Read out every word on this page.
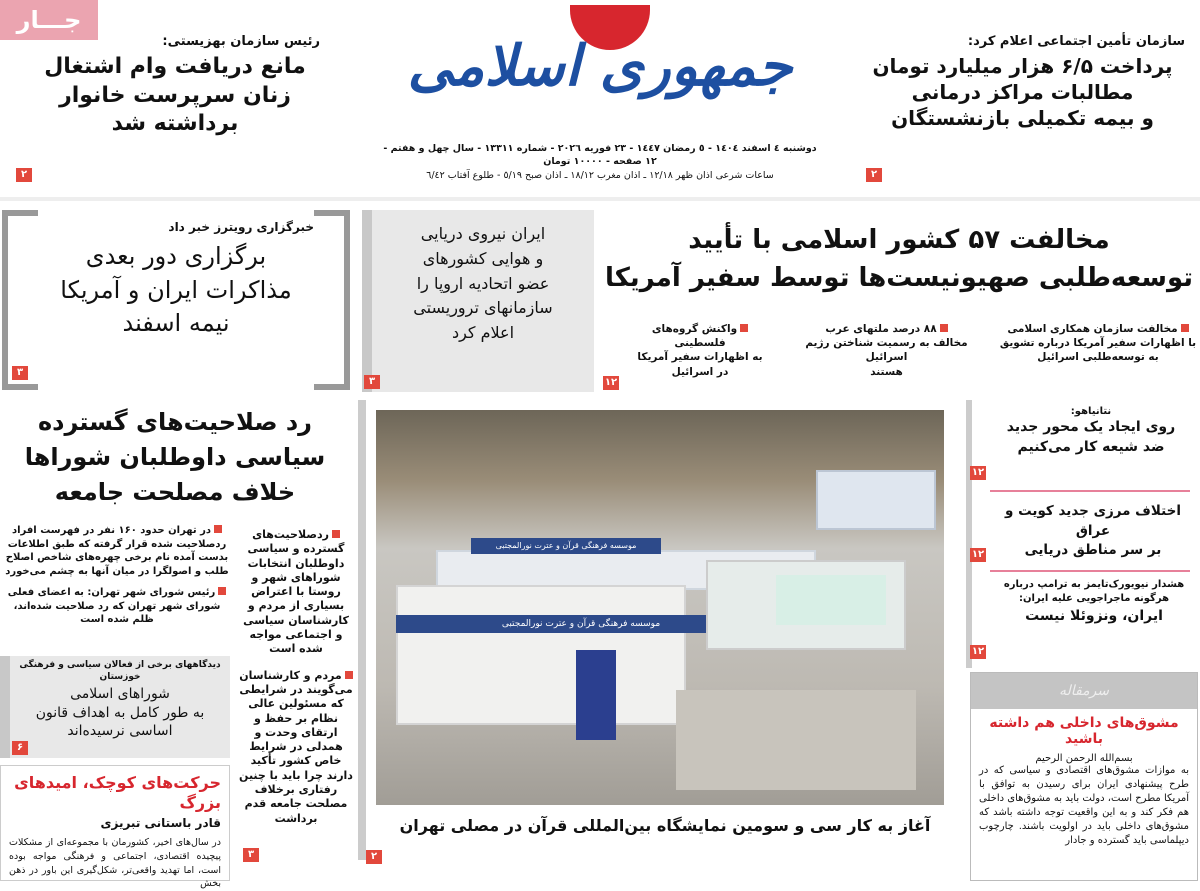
جـــار
رئیس سازمان بهزیستی:
مانع دریافت وام اشتغال
زنان سرپرست خانوار
برداشته شد
٢
جمهوری اسلامی
دوشنبه ٤ اسفند ١٤٠٤ - ٥ رمضان ١٤٤٧ - ٢٣ فوریه ٢٠٢٦ - شماره ١٣٣١١ - سال چهل و هفتم - ١٢ صفحه - ١٠٠٠٠ تومان
ساعات شرعی اذان ظهر ١٢/١٨ ـ اذان مغرب ١٨/١٢ ـ اذان صبح ٥/١٩ - طلوع آفتاب ٦/٤٢
سازمان تأمین اجتماعی اعلام کرد:
پرداخت ۶/۵ هزار میلیارد تومان
مطالبات مراکز درمانی
و بیمه تکمیلی بازنشستگان
٢
خبرگزاری رویترز خبر داد
برگزاری دور بعدی
مذاکرات ایران و آمریکا
نیمه اسفند
٣
ایران نیروی دریایی
و هوایی کشورهای
عضو اتحادیه اروپا را
سازمانهای تروریستی
اعلام کرد
٣
مخالفت ۵۷ کشور اسلامی با تأیید
توسعه‌طلبی صهیونیست‌ها توسط سفیر آمریکا
مخالفت سازمان همکاری اسلامی
با اظهارات سفیر آمریکا درباره تشویق
به توسعه‌طلبی اسرائیل
۸۸ درصد ملتهای عرب
مخالف به رسمیت شناختن رژیم اسرائیل
هستند
واکنش گروه‌های فلسطینی
به اظهارات سفیر آمریکا
در اسرائیل
١٢
رد صلاحیت‌های گسترده
سیاسی داوطلبان شوراها
خلاف مصلحت جامعه
در تهران حدود ۱۶۰ نفر در فهرست افراد ردصلاحیت شده قرار گرفته که طبق اطلاعات بدست آمده نام برخی چهره‌های شاخص اصلاح طلب و اصولگرا در میان آنها به چشم می‌خورد
رئیس شورای شهر تهران: به اعضای فعلی شورای شهر تهران که رد صلاحیت شده‌اند، ظلم شده است
ردصلاحیت‌های گسترده و سیاسی داوطلبان انتخابات شوراهای شهر و روستا با اعتراض بسیاری از مردم و کارشناسان سیاسی و اجتماعی مواجه شده است
مردم و کارشناسان می‌گویند در شرایطی که مسئولین عالی نظام بر حفظ و ارتقای وحدت و همدلی در شرایط خاص کشور تأکید دارند چرا باید با چنین رفتاری برخلاف مصلحت جامعه قدم برداشت
٣
دیدگاههای برخی از فعالان سیاسی و فرهنگی خوزستان
شوراهای اسلامی
به طور کامل به اهداف قانون
اساسی نرسیده‌اند
۶
حرکت‌های کوچک، امیدهای بزرگ
قادر باستانی تبریزی
در سال‌های اخیر، کشورمان با مجموعه‌ای از مشکلات پیچیده اقتصادی، اجتماعی و فرهنگی مواجه بوده است، اما تهدید واقعی‌تر، شکل‌گیری این باور در ذهن بخش
موسسه فرهنگی قرآن و عترت نورالمجتبی
موسسه فرهنگی قرآن و عترت نورالمجتبی
آغاز به کار سی و سومین نمایشگاه بین‌المللی قرآن در مصلی تهران
٢
نتانیاهو:
روی ایجاد یک محور جدید
ضد شیعه کار می‌کنیم
١٢
اختلاف مرزی جدید کویت و عراق
بر سر مناطق دریایی
١٢
هشدار نیویورک‌تایمز به ترامپ درباره هرگونه ماجراجویی علیه ایران:
ایران، ونزوئلا نیست
١٢
سرمقاله
مشوق‌های داخلی هم داشته باشید
بسم‌الله الرحمن الرحیم
به موازات مشوق‌های اقتصادی و سیاسی که در طرح پیشنهادی ایران برای رسیدن به توافق با آمریکا مطرح است، دولت باید به مشوق‌های داخلی هم فکر کند و به این واقعیت توجه داشته باشد که مشوق‌های داخلی باید در اولویت باشند. چارچوب دیپلماسی باید گسترده و جادار
